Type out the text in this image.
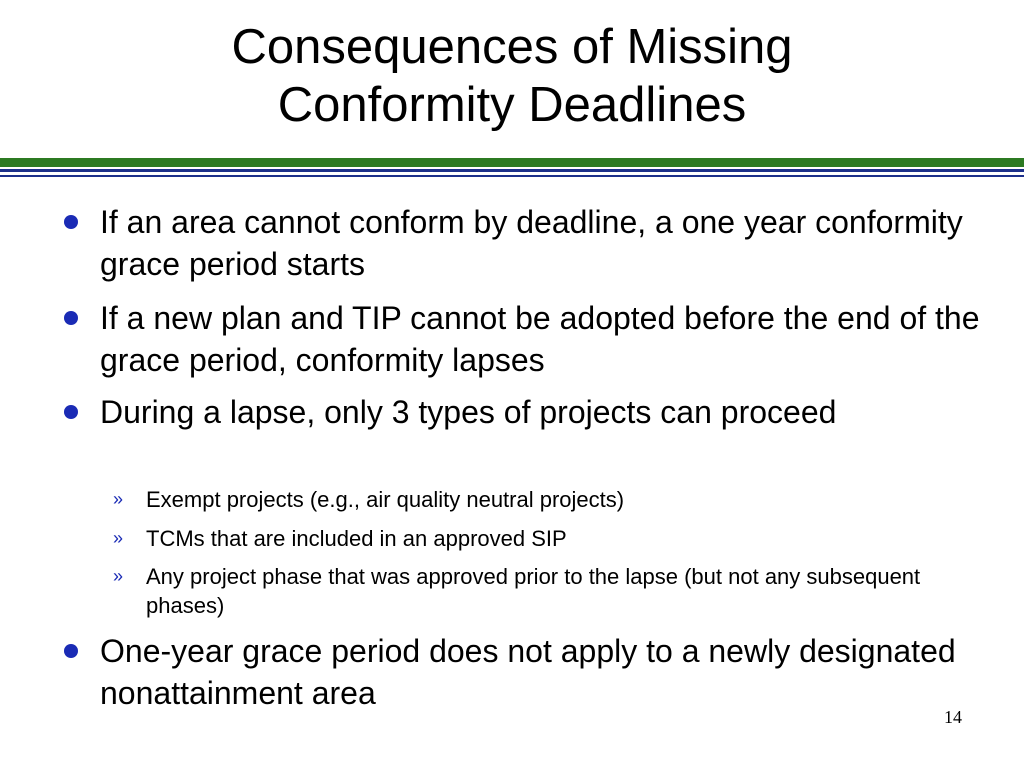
Consequences of Missing
Conformity Deadlines
If an area cannot conform by deadline, a one year conformity grace period starts
If a new plan and TIP cannot be adopted before the end of the grace period, conformity lapses
During a lapse, only 3 types of projects can proceed
» Exempt projects (e.g., air quality neutral projects)
» TCMs that are included in an approved SIP
» Any project phase that was approved prior to the lapse (but not any subsequent phases)
One-year grace period does not apply to a newly designated nonattainment area
14
